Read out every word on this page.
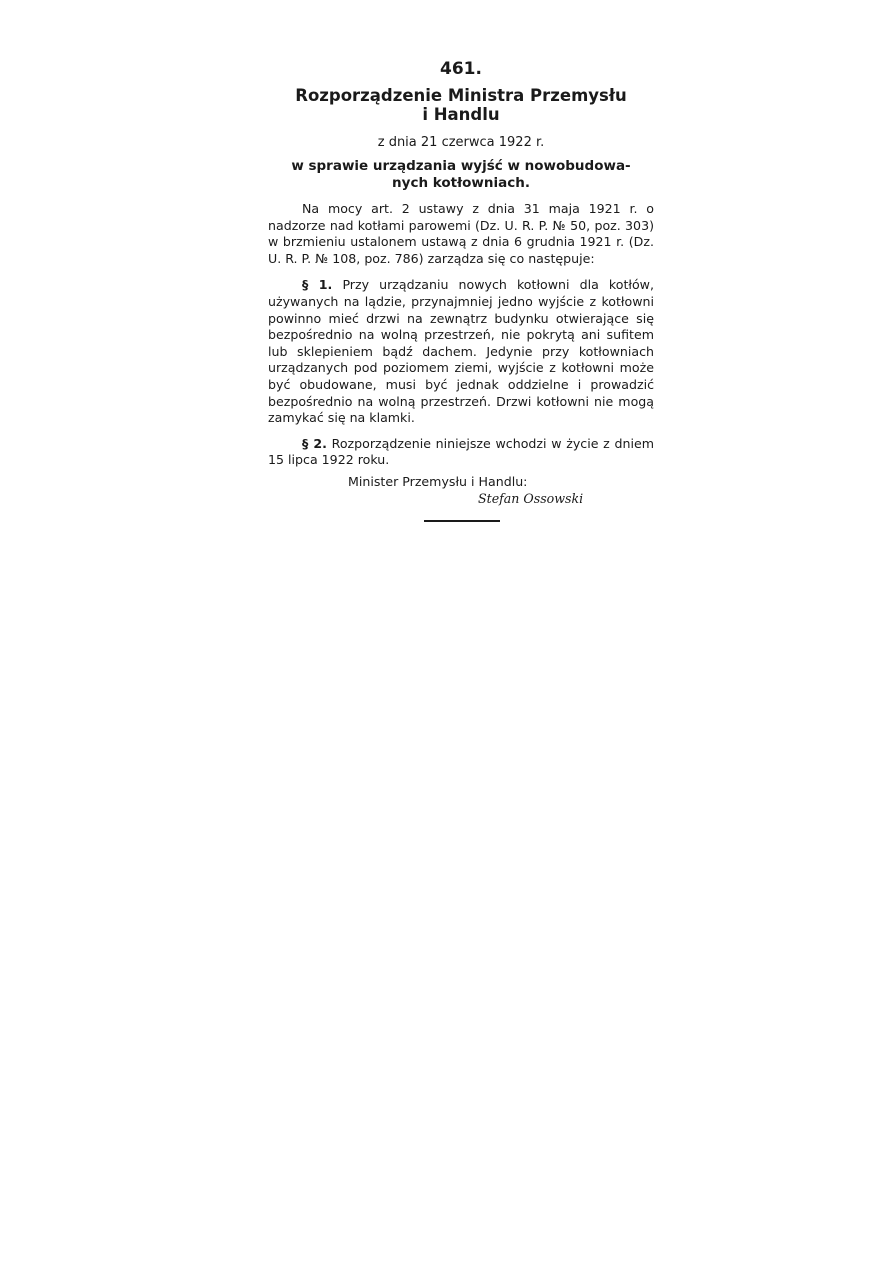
461.
Rozporządzenie Ministra Przemysłu
i Handlu
z dnia 21 czerwca 1922 r.
w sprawie urządzania wyjść w nowobudowa-
nych kotłowniach.

Na mocy art. 2 ustawy z dnia 31 maja 1921 r. o nadzorze nad kotłami parowemi (Dz. U. R. P. № 50, poz. 303) w brzmieniu ustalonem ustawą z dnia 6 grudnia 1921 r. (Dz. U. R. P. № 108, poz. 786) zarządza się co następuje:

§ 1. Przy urządzaniu nowych kotłowni dla kotłów, używanych na lądzie, przynajmniej jedno wyjście z kotłowni powinno mieć drzwi na zewnątrz budynku otwierające się bezpośrednio na wolną przestrzeń, nie pokrytą ani sufitem lub sklepieniem bądź dachem. Jedynie przy kotłowniach urządzanych pod poziomem ziemi, wyjście z kotłowni może być obudowane, musi być jednak oddzielne i prowadzić bezpośrednio na wolną przestrzeń. Drzwi kotłowni nie mogą zamykać się na klamki.

§ 2. Rozporządzenie niniejsze wchodzi w życie z dniem 15 lipca 1922 roku.

Minister Przemysłu i Handlu:
Stefan Ossowski
